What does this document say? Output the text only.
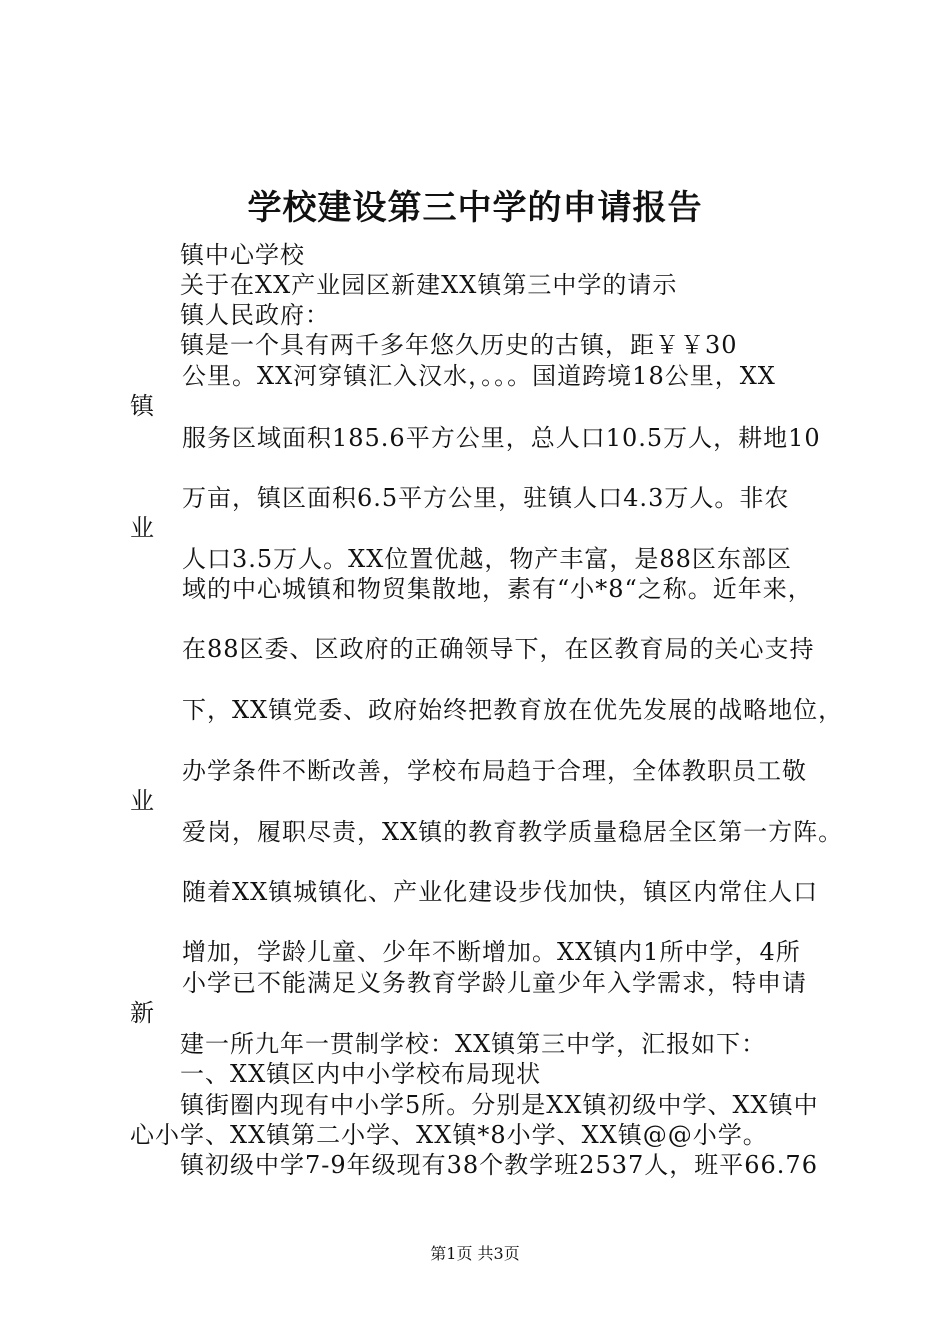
学校建设第三中学的申请报告
镇中心学校
关于在XX产业园区新建XX镇第三中学的请示
镇人民政府：
镇是一个具有两千多年悠久历史的古镇，距￥￥30
公里。XX河穿镇汇入汉水，。。。国道跨境18公里，XX
镇
服务区域面积185.6平方公里，总人口10.5万人，耕地10
万亩，镇区面积6.5平方公里，驻镇人口4.3万人。非农
业
人口3.5万人。XX位置优越，物产丰富，是88区东部区
域的中心城镇和物贸集散地，素有“小*8“之称。近年来，
在88区委、区政府的正确领导下，在区教育局的关心支持
下，XX镇党委、政府始终把教育放在优先发展的战略地位，
办学条件不断改善，学校布局趋于合理，全体教职员工敬
业
爱岗，履职尽责，XX镇的教育教学质量稳居全区第一方阵。
随着XX镇城镇化、产业化建设步伐加快，镇区内常住人口
增加，学龄儿童、少年不断增加。XX镇内1所中学，4所
小学已不能满足义务教育学龄儿童少年入学需求，特申请
新
建一所九年一贯制学校：XX镇第三中学，汇报如下：
一、XX镇区内中小学校布局现状
镇街圈内现有中小学5所。分别是XX镇初级中学、XX镇中
心小学、XX镇第二小学、XX镇*8小学、XX镇@@小学。
镇初级中学7-9年级现有38个教学班2537人，班平66.76
第1页 共3页
